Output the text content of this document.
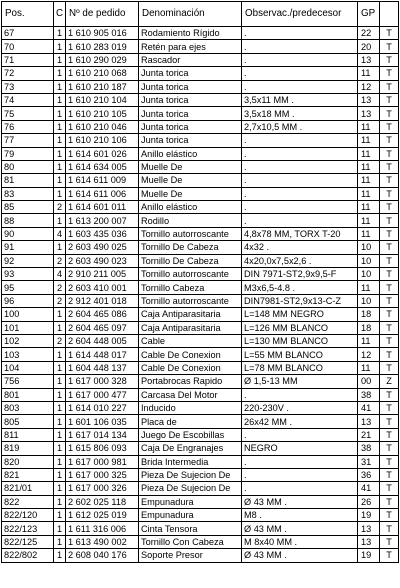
Pos.	C	Nº de pedido	Denominación	Observac./predecesor	GP	
67	1	1 610 905 016	Rodamiento Rígido	.	22	T
70	1	1 610 283 019	Retén para ejes	.	20	T
71	1	1 610 290 029	Rascador	.	13	T
72	1	1 610 210 068	Junta torica	.	11	T
73	1	1 610 210 187	Junta torica	.	12	T
74	1	1 610 210 104	Junta torica	3,5x11 MM .	13	T
75	1	1 610 210 105	Junta torica	3,5x18 MM .	13	T
76	1	1 610 210 046	Junta torica	2,7x10,5 MM .	11	T
77	1	1 610 210 106	Junta torica	.	11	T
79	1	1 614 601 026	Anillo elástico	.	11	T
80	1	1 614 634 005	Muelle De	.	11	T
81	1	1 614 611 009	Muelle De	.	11	T
83	1	1 614 611 006	Muelle De	.	11	T
85	2	1 614 601 011	Anillo elástico	.	11	T
88	1	1 613 200 007	Rodillo	.	11	T
90	4	1 603 435 036	Tornillo autorroscante	4,8x78 MM, TORX T-20	11	T
91	1	2 603 490 025	Tornillo De Cabeza	4x32 .	10	T
92	2	2 603 490 023	Tornillo De Cabeza	4x20,0x7,5x2,6 .	10	T
93	4	2 910 211 005	Tornillo autorroscante	DIN 7971-ST2,9x9,5-F	10	T
95	2	2 603 410 001	Tornillo Cabeza	M3x6,5-4.8 .	11	T
96	2	2 912 401 018	Tornillo autorroscante	DIN7981-ST2,9x13-C-Z	10	T
100	1	2 604 465 086	Caja Antiparasitaria	L=148 MM NEGRO	18	T
101	1	2 604 465 097	Caja Antiparasitaria	L=126 MM BLANCO	18	T
102	2	2 604 448 005	Cable	L=130 MM BLANCO	11	T
103	1	1 614 448 017	Cable De Conexion	L=55 MM BLANCO	12	T
104	1	1 604 448 137	Cable De Conexion	L=78 MM BLANCO	11	T
756	1	1 617 000 328	Portabrocas Rapido	Ø 1,5-13 MM	00	Z
801	1	1 617 000 477	Carcasa Del Motor	.	38	T
803	1	1 614 010 227	Inducido	220-230V .	41	T
805	1	1 601 106 035	Placa de	26x42 MM .	13	T
811	1	1 617 014 134	Juego De Escobillas	.	21	T
819	1	1 615 806 093	Caja De Engranajes	NEGRO	38	T
820	1	1 617 000 981	Brida Intermedia	.	31	T
821	1	1 617 000 325	Pieza De Sujecion De	.	36	T
821/01	1	1 617 000 326	Pieza De Sujecion De	.	41	T
822	1	2 602 025 118	Empunadura	Ø 43 MM .	26	T
822/120	1	1 612 025 019	Empunadura	M8 .	19	T
822/123	1	1 611 316 006	Cinta Tensora	Ø 43 MM .	13	T
822/125	1	1 613 490 002	Tornillo Con Cabeza	M 8x40 MM .	13	T
822/802	1	2 608 040 176	Soporte Presor	Ø 43 MM .	19	T
